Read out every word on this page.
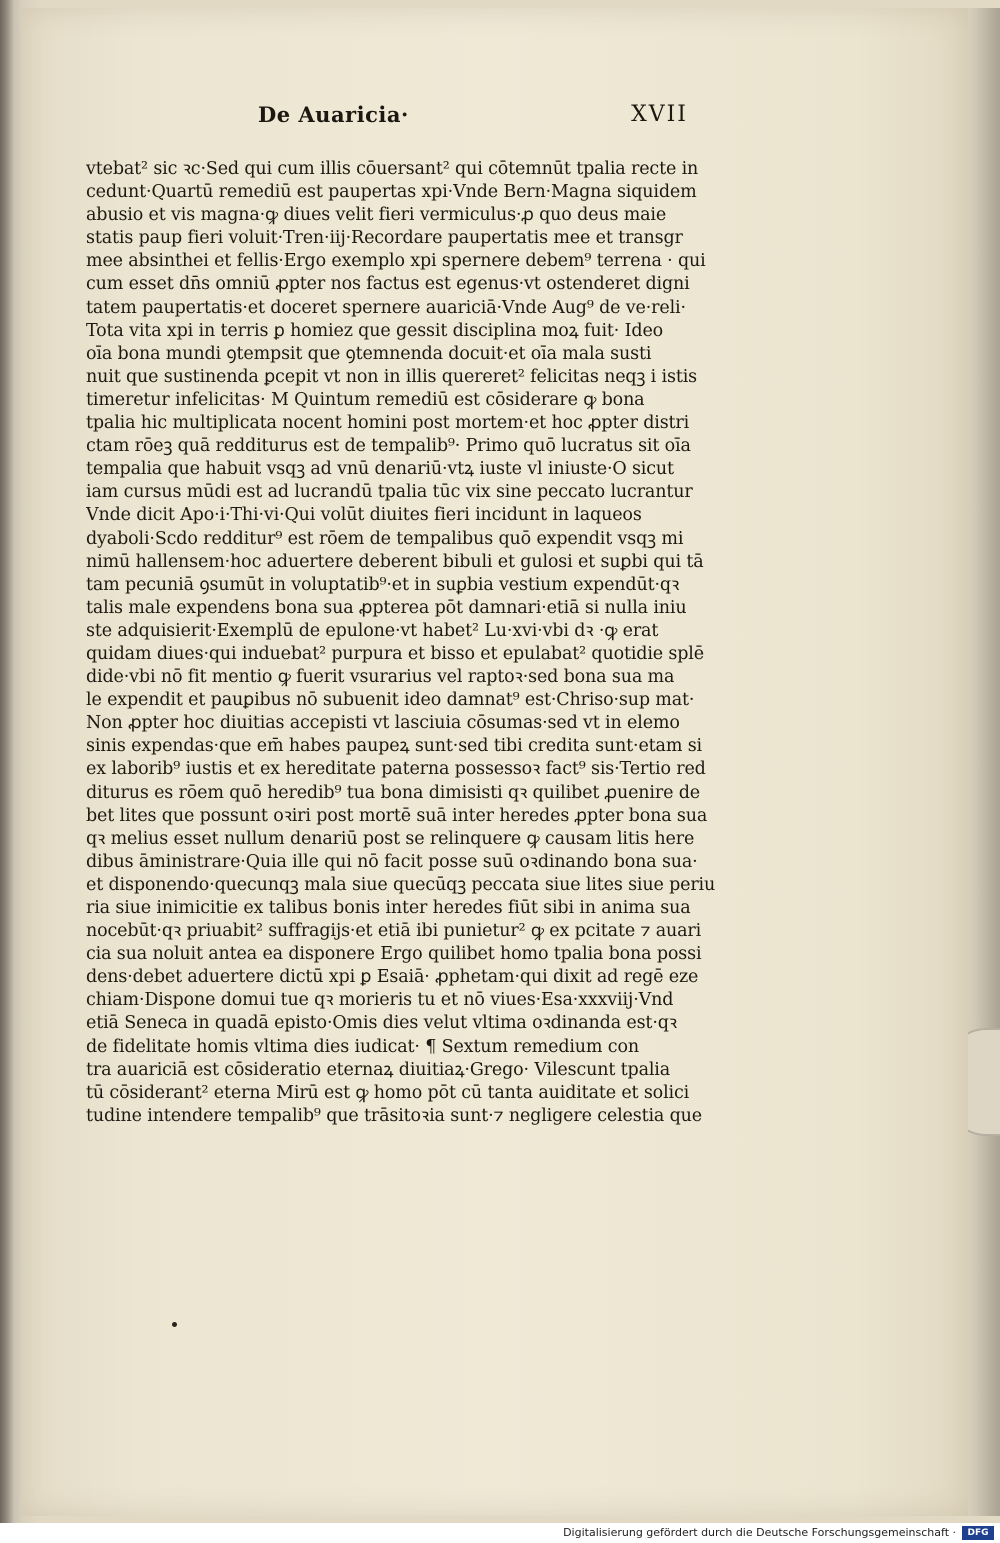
De Auaricia·	XVII
vtebat² sic ꝛc·Sed qui cum illis cōuersant² qui cōtemnūt tpalia recte in
cedunt·Quartū remediū est paupertas xpi·Vnde Bern·Magna siquidem
abusio et vis magna·ꝙ diues velit fieri vermiculus·ꝓ quo deus maie
statis paup fieri voluit·Tren·iij·Recordare paupertatis mee et transgr
mee absinthei et fellis·Ergo exemplo xpi spernere debem⁹ terrena · qui
cum esset dn̄s omniū ꝓpter nos factus est egenus·vt ostenderet digni
tatem paupertatis·et doceret spernere auariciā·Vnde Aug⁹ de ve·reli·
Tota vita xpi in terris ꝑ homiez que gessit disciplina moꝝ fuit· Ideo
oīa bona mundi ꝯtempsit que ꝯtemnenda docuit·et oīa mala susti
nuit que sustinenda ꝑcepit vt non in illis quereret² felicitas neqꝫ i istis
timeretur infelicitas· M Quintum remediū est cōsiderare ꝙ bona
tpalia hic multiplicata nocent homini post mortem·et hoc ꝓpter distri
ctam rōeꝫ quā redditurus est de tempalib⁹· Primo quō lucratus sit oīa
tempalia que habuit vsqꝫ ad vnū denariū·vtꝝ iuste vl iniuste·O sicut
iam cursus mūdi est ad lucrandū tpalia tūc vix sine peccato lucrantur
Vnde dicit Apo·i·Thi·vi·Qui volūt diuites fieri incidunt in laqueos
dyaboli·Scdo redditur⁹ est rōem de tempalibus quō expendit vsqꝫ mi
nimū hallensem·hoc aduertere deberent bibuli et gulosi et suꝑbi qui tā
tam pecuniā ꝯsumūt in voluptatib⁹·et in suꝑbia vestium expendūt·qꝛ
talis male expendens bona sua ꝓpterea pōt damnari·etiā si nulla iniu
ste adquisierit·Exemplū de epulone·vt habet² Lu·xvi·vbi dꝛ ·ꝙ erat
quidam diues·qui induebat² purpura et bisso et epulabat² quotidie splē
dide·vbi nō fit mentio ꝙ fuerit vsurarius vel raptoꝛ·sed bona sua ma
le expendit et pauꝑibus nō subuenit ideo damnat⁹ est·Chriso·sup mat·
Non ꝓpter hoc diuitias accepisti vt lasciuia cōsumas·sed vt in elemo
sinis expendas·que em̄ habes paupeꝝ sunt·sed tibi credita sunt·etam si
ex laborib⁹ iustis et ex hereditate paterna possessoꝛ fact⁹ sis·Tertio red
diturus es rōem quō heredib⁹ tua bona dimisisti qꝛ quilibet ꝓuenire de
bet lites que possunt oꝛiri post mortē suā inter heredes ꝓpter bona sua
qꝛ melius esset nullum denariū post se relinquere ꝙ causam litis here
dibus āministrare·Quia ille qui nō facit posse suū oꝛdinando bona sua·
et disponendo·quecunqꝫ mala siue quecūqꝫ peccata siue lites siue periu
ria siue inimicitie ex talibus bonis inter heredes fiūt sibi in anima sua
nocebūt·qꝛ priuabit² suffragijs·et etiā ibi punietur² ꝙ ex pcitate ⁊ auari
cia sua noluit antea ea disponere Ergo quilibet homo tpalia bona possi
dens·debet aduertere dictū xpi ꝑ Esaiā· ꝓphetam·qui dixit ad regē eze
chiam·Dispone domui tue qꝛ morieris tu et nō viues·Esa·xxxviij·Vnd
etiā Seneca in quadā episto·Omis dies velut vltima oꝛdinanda est·qꝛ
de fidelitate homis vltima dies iudicat· ¶ Sextum remedium con
tra auariciā est cōsideratio eternaꝝ diuitiaꝝ·Grego· Vilescunt tpalia
tū cōsiderant² eterna Mirū est ꝙ homo pōt cū tanta auiditate et solici
tudine intendere tempalib⁹ que trāsitoꝛia sunt·⁊ negligere celestia que
Digitalisierung gefördert durch die Deutsche Forschungsgemeinschaft ·	DFG
